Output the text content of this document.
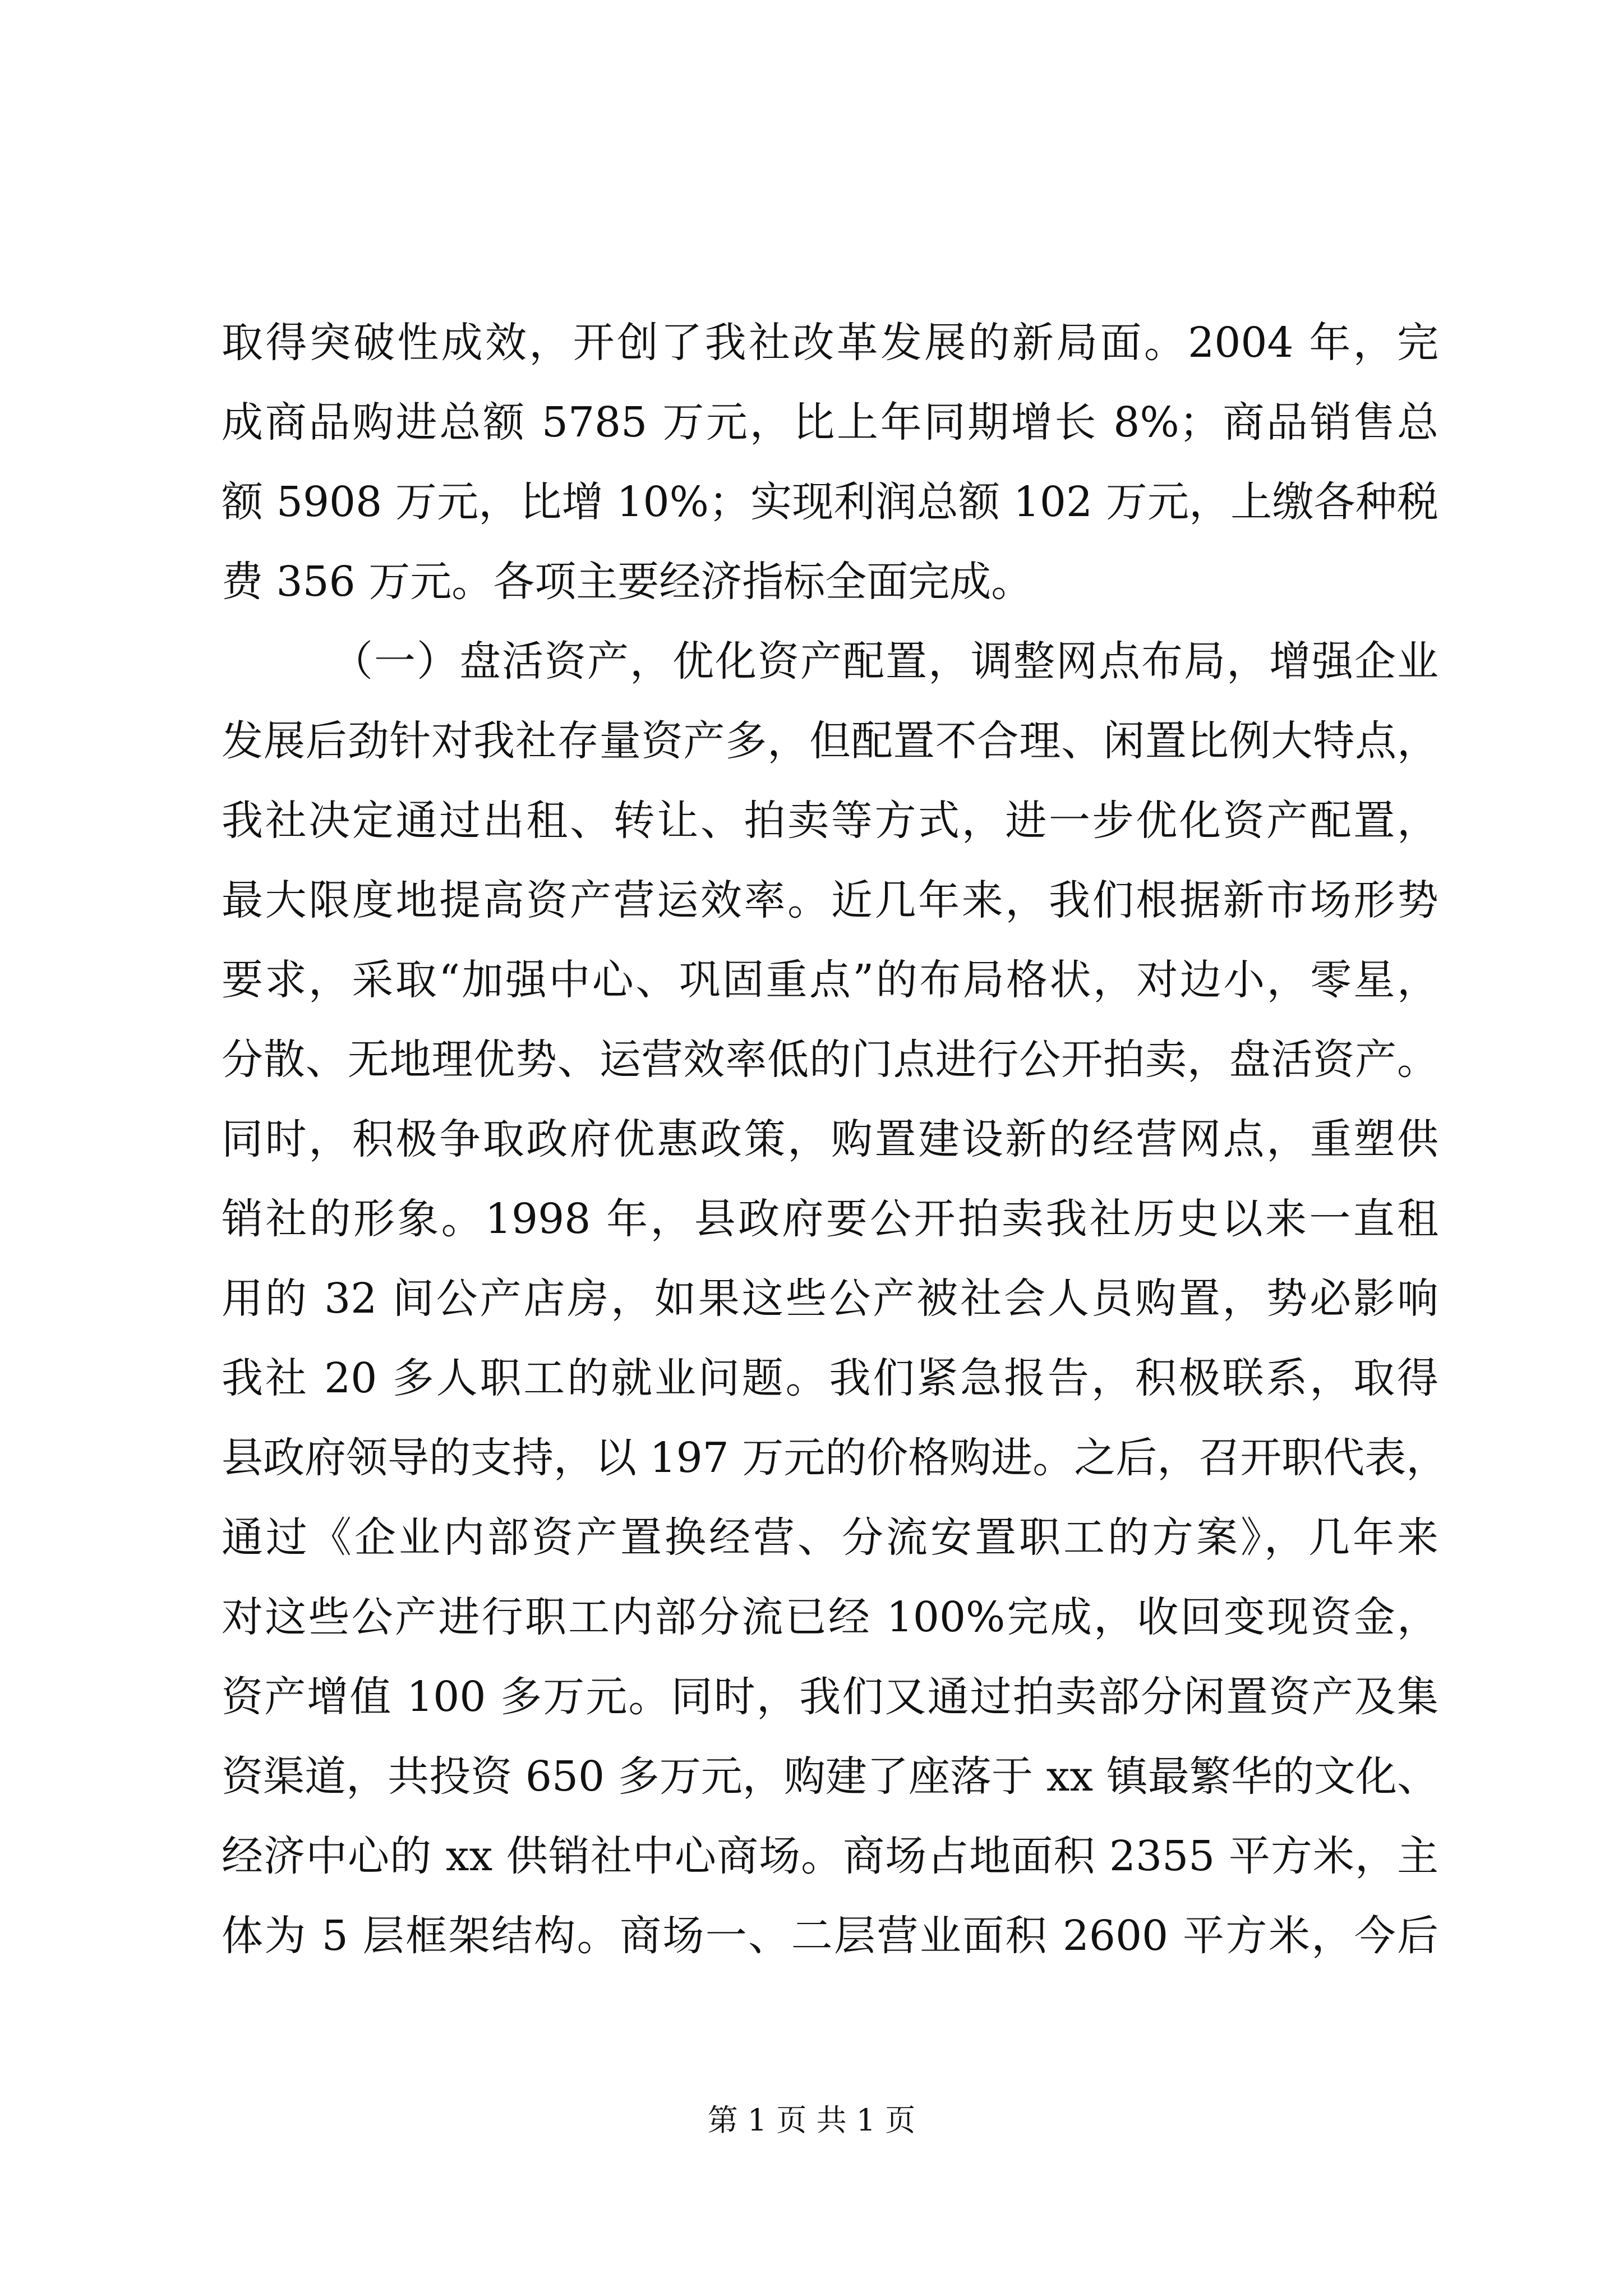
取得突破性成效，开创了我社改革发展的新局面。2004 年，完
成商品购进总额 5785 万元，比上年同期增长 8%；商品销售总
额 5908 万元，比增 10%；实现利润总额 102 万元，上缴各种税
费 356 万元。各项主要经济指标全面完成。
（一）盘活资产，优化资产配置，调整网点布局，增强企业
发展后劲针对我社存量资产多，但配置不合理、闲置比例大特点，
我社决定通过出租、转让、拍卖等方式，进一步优化资产配置，
最大限度地提高资产营运效率。近几年来，我们根据新市场形势
要求，采取“加强中心、巩固重点”的布局格状，对边小，零星，
分散、无地理优势、运营效率低的门点进行公开拍卖，盘活资产。
同时，积极争取政府优惠政策，购置建设新的经营网点，重塑供
销社的形象。1998 年，县政府要公开拍卖我社历史以来一直租
用的 32 间公产店房，如果这些公产被社会人员购置，势必影响
我社 20 多人职工的就业问题。我们紧急报告，积极联系，取得
县政府领导的支持，以 197 万元的价格购进。之后，召开职代表，
通过《企业内部资产置换经营、分流安置职工的方案》，几年来
对这些公产进行职工内部分流已经 100%完成，收回变现资金，
资产增值 100 多万元。同时，我们又通过拍卖部分闲置资产及集
资渠道，共投资 650 多万元，购建了座落于 xx 镇最繁华的文化、
经济中心的 xx 供销社中心商场。商场占地面积 2355 平方米，主
体为 5 层框架结构。商场一、二层营业面积 2600 平方米，今后
第 1 页 共 1 页
